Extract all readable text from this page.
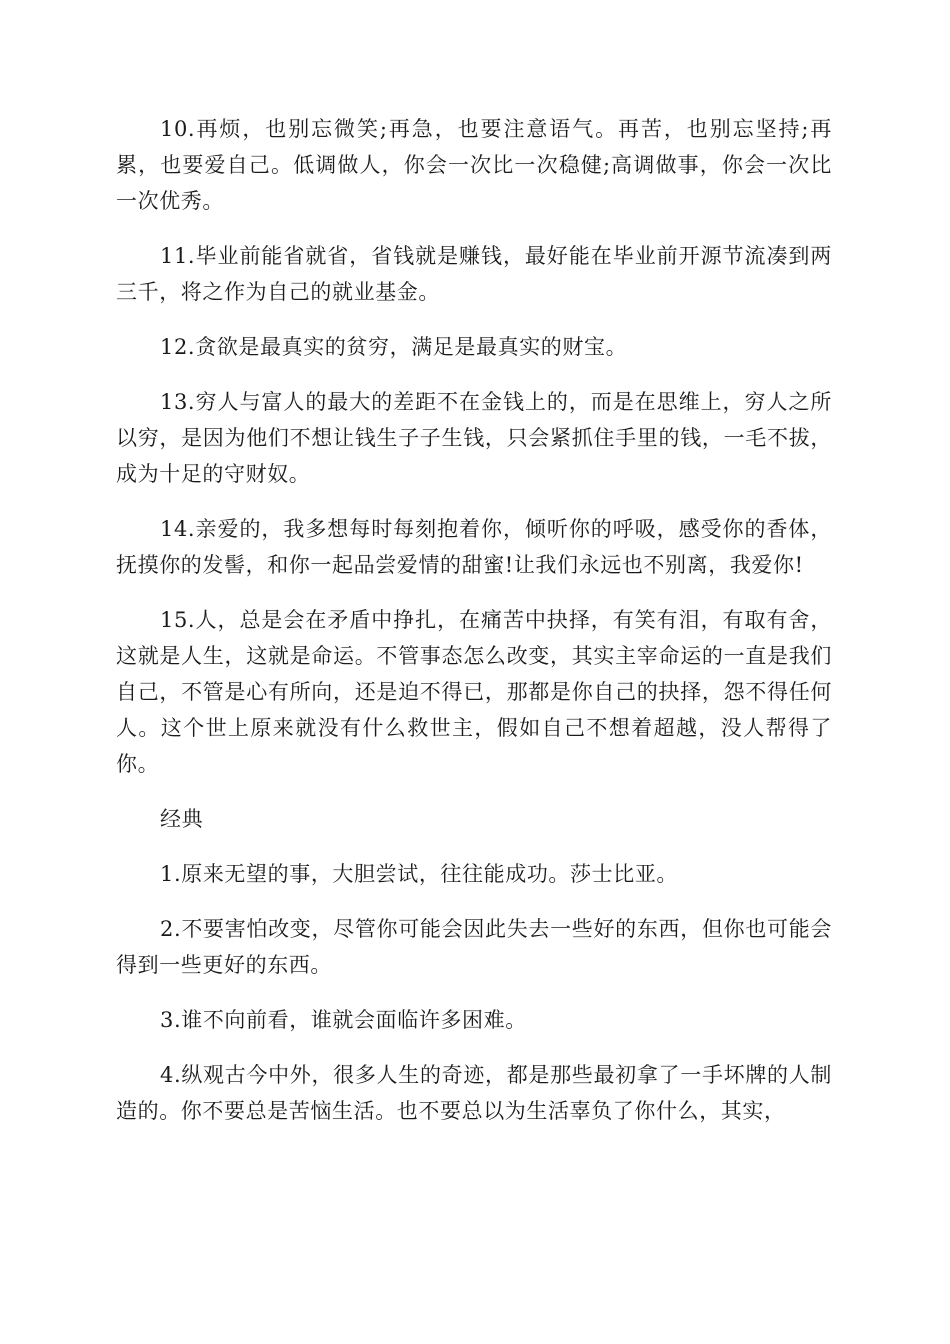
10.再烦，也别忘微笑;再急，也要注意语气。再苦，也别忘坚持;再累，也要爱自己。低调做人，你会一次比一次稳健;高调做事，你会一次比一次优秀。

11.毕业前能省就省，省钱就是赚钱，最好能在毕业前开源节流凑到两三千，将之作为自己的就业基金。

12.贪欲是最真实的贫穷，满足是最真实的财宝。

13.穷人与富人的最大的差距不在金钱上的，而是在思维上，穷人之所以穷，是因为他们不想让钱生子子生钱，只会紧抓住手里的钱，一毛不拔，成为十足的守财奴。

14.亲爱的，我多想每时每刻抱着你，倾听你的呼吸，感受你的香体，抚摸你的发髻，和你一起品尝爱情的甜蜜!让我们永远也不别离，我爱你!

15.人，总是会在矛盾中挣扎，在痛苦中抉择，有笑有泪，有取有舍，这就是人生，这就是命运。不管事态怎么改变，其实主宰命运的一直是我们自己，不管是心有所向，还是迫不得已，那都是你自己的抉择，怨不得任何人。这个世上原来就没有什么救世主，假如自己不想着超越，没人帮得了你。

经典

1.原来无望的事，大胆尝试，往往能成功。莎士比亚。

2.不要害怕改变，尽管你可能会因此失去一些好的东西，但你也可能会得到一些更好的东西。

3.谁不向前看，谁就会面临许多困难。

4.纵观古今中外，很多人生的奇迹，都是那些最初拿了一手坏牌的人制造的。你不要总是苦恼生活。也不要总以为生活辜负了你什么，其实，
